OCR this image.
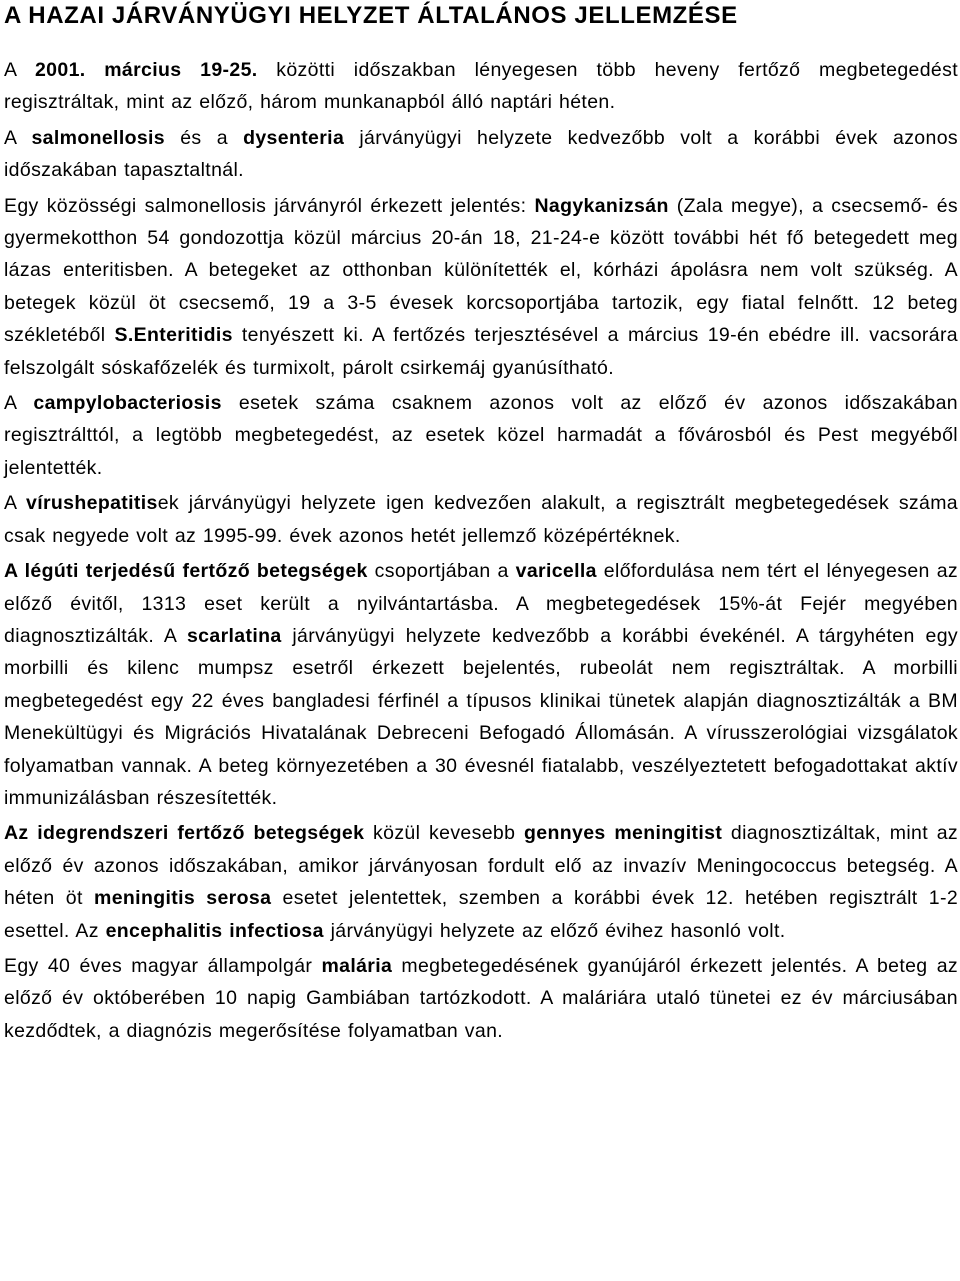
A HAZAI JÁRVÁNYÜGYI HELYZET ÁLTALÁNOS JELLEMZÉSE

A 2001. március 19-25. közötti időszakban lényegesen több heveny fertőző megbetegedést regisztráltak, mint az előző, három munkanapból álló naptári héten.

A salmonellosis és a dysenteria járványügyi helyzete kedvezőbb volt a korábbi évek azonos időszakában tapasztaltnál.

Egy közösségi salmonellosis járványról érkezett jelentés: Nagykanizsán (Zala megye), a csecsemő- és gyermekotthon 54 gondozottja közül március 20-án 18, 21-24-e között további hét fő betegedett meg lázas enteritisben. A betegeket az otthonban különítették el, kórházi ápolásra nem volt szükség. A betegek közül öt csecsemő, 19 a 3-5 évesek korcsoportjába tartozik, egy fiatal felnőtt. 12 beteg székletéből S.Enteritidis tenyészett ki. A fertőzés terjesztésével a március 19-én ebédre ill. vacsorára felszolgált sóskafőzelék és turmixolt, párolt csirkemáj gyanúsítható.

A campylobacteriosis esetek száma csaknem azonos volt az előző év azonos időszakában regisztrálttól, a legtöbb megbetegedést, az esetek közel harmadát a fővárosból és Pest megyéből jelentették.

A vírushepatitisek járványügyi helyzete igen kedvezően alakult, a regisztrált megbetegedések száma csak negyede volt az 1995-99. évek azonos hetét jellemző középértéknek.

A légúti terjedésű fertőző betegségek csoportjában a varicella előfordulása nem tért el lényegesen az előző évitől, 1313 eset került a nyilvántartásba. A megbetegedések 15%-át Fejér megyében diagnosztizálták. A scarlatina járványügyi helyzete kedvezőbb a korábbi évekénél. A tárgyhéten egy morbilli és kilenc mumpsz esetről érkezett bejelentés, rubeolát nem regisztráltak. A morbilli megbetegedést egy 22 éves bangladesi férfinél a típusos klinikai tünetek alapján diagnosztizálták a BM Menekültügyi és Migrációs Hivatalának Debreceni Befogadó Állomásán. A vírusszerológiai vizsgálatok folyamatban vannak. A beteg környezetében a 30 évesnél fiatalabb, veszélyeztetett befogadottakat aktív immunizálásban részesítették.

Az idegrendszeri fertőző betegségek közül kevesebb gennyes meningitist diagnosztizáltak, mint az előző év azonos időszakában, amikor járványosan fordult elő az invazív Meningococcus betegség. A héten öt meningitis serosa esetet jelentettek, szemben a korábbi évek 12. hetében regisztrált 1-2 esettel. Az encephalitis infectiosa járványügyi helyzete az előző évihez hasonló volt.

Egy 40 éves magyar állampolgár malária megbetegedésének gyanújáról érkezett jelentés. A beteg az előző év októberében 10 napig Gambiában tartózkodott. A maláriára utaló tünetei ez év márciusában kezdődtek, a diagnózis megerősítése folyamatban van.
